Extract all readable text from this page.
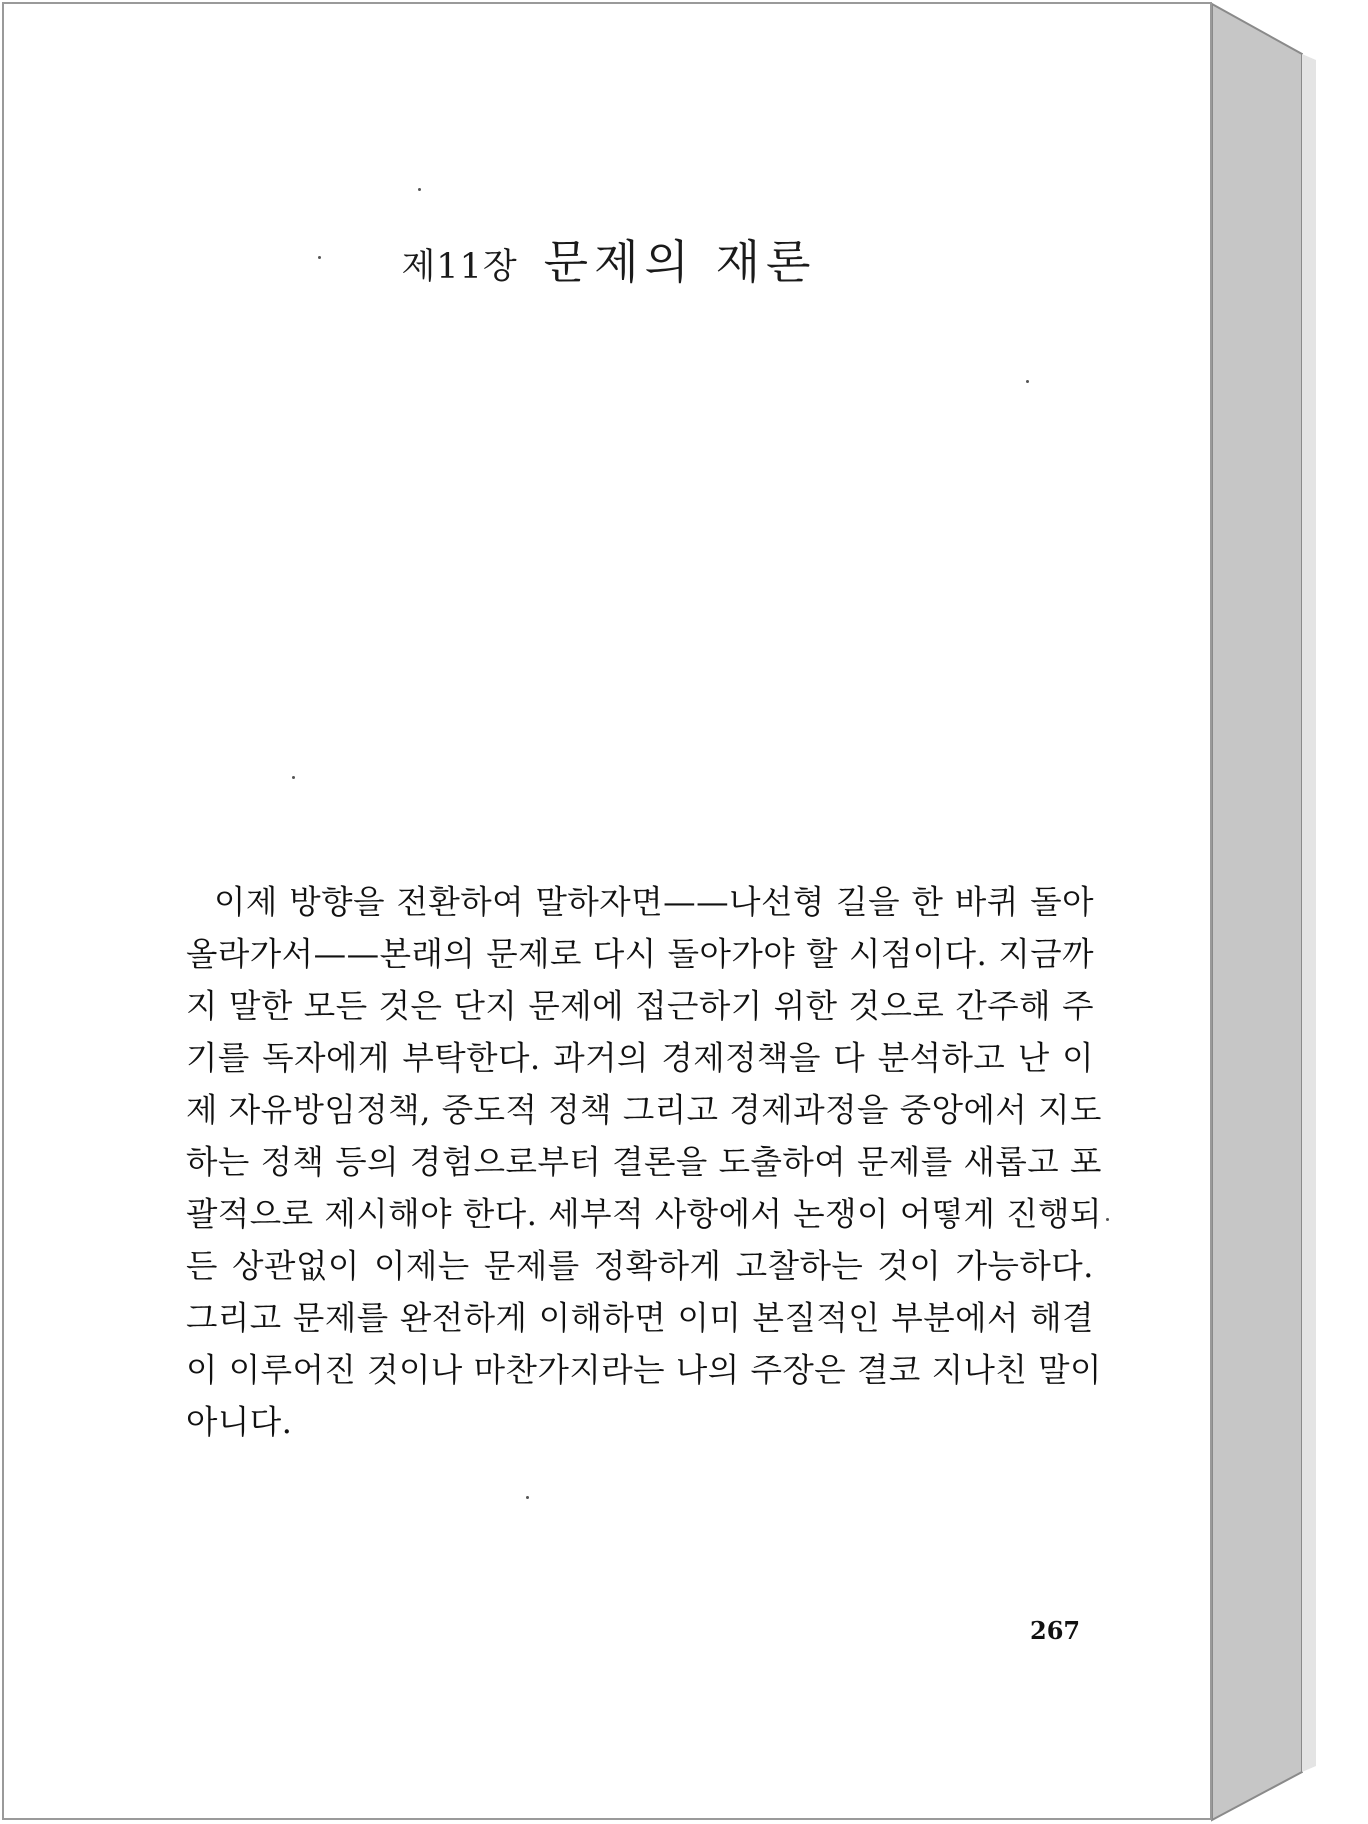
제11장 문제의 재론
이제 방향을 전환하여 말하자면——나선형 길을 한 바퀴 돌아
올라가서——본래의 문제로 다시 돌아가야 할 시점이다. 지금까
지 말한 모든 것은 단지 문제에 접근하기 위한 것으로 간주해 주
기를 독자에게 부탁한다. 과거의 경제정책을 다 분석하고 난 이
제 자유방임정책, 중도적 정책 그리고 경제과정을 중앙에서 지도
하는 정책 등의 경험으로부터 결론을 도출하여 문제를 새롭고 포
괄적으로 제시해야 한다. 세부적 사항에서 논쟁이 어떻게 진행되
든 상관없이 이제는 문제를 정확하게 고찰하는 것이 가능하다.
그리고 문제를 완전하게 이해하면 이미 본질적인 부분에서 해결
이 이루어진 것이나 마찬가지라는 나의 주장은 결코 지나친 말이
아니다.
267
